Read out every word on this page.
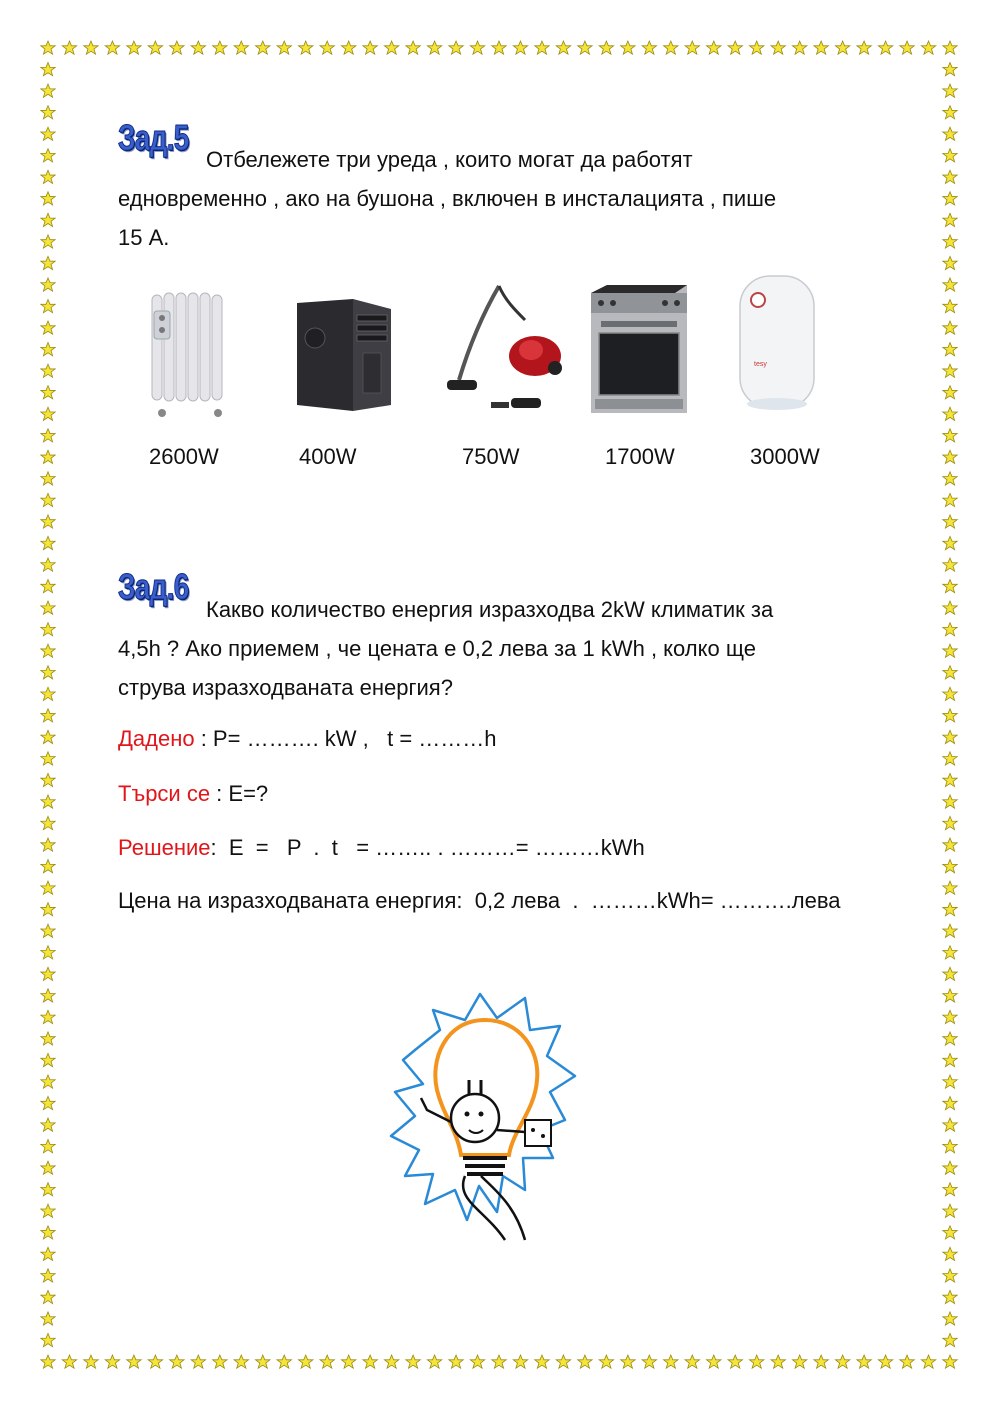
Зад.5
Отбележете три уреда , които могат да работят
едновременно , ако на бушона , включен в инсталацията , пише
15 А.
tesy
2600W	400W	750W	1700W	3000W
Зад.6
Какво количество енергия изразходва 2kW климатик за
4,5h ? Ако приемем , че цената е 0,2 лева за 1 kWh , колко ще
струва изразходваната енергия?
Дадено : P= ………. kW ,   t = ………h
Търси се : E=?
Решение:  E  =   P  .  t   = …….. . ………= ………kWh
Цена на изразходваната енергия:  0,2 лева  .  ………kWh= ……….лева
